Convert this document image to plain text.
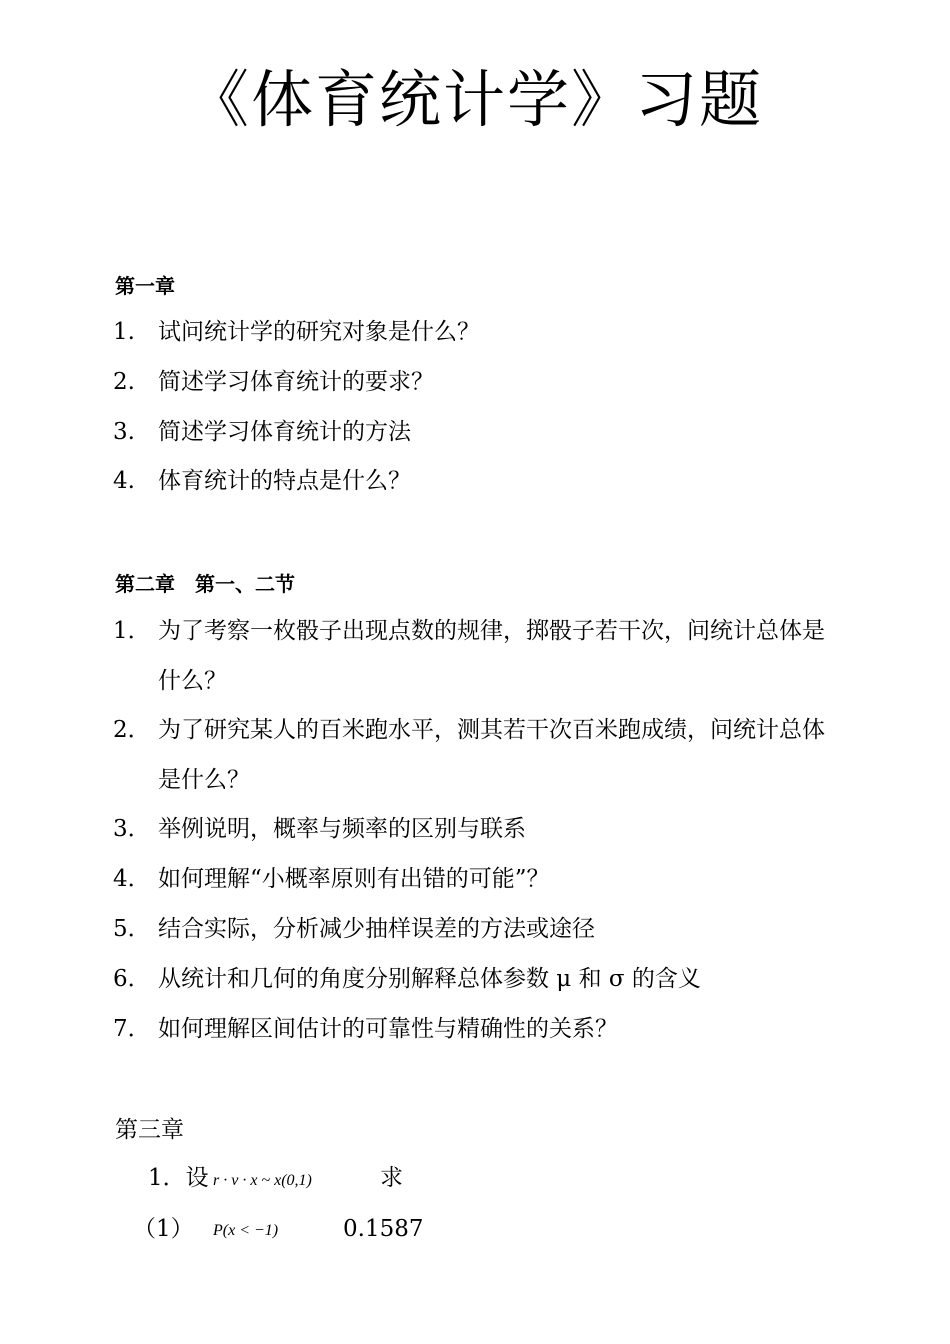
《体育统计学》习题
第一章
1. 试问统计学的研究对象是什么？
2. 简述学习体育统计的要求？
3. 简述学习体育统计的方法
4. 体育统计的特点是什么？
第二章　第一、二节
1． 为了考察一枚骰子出现点数的规律，掷骰子若干次，问统计总体是什么？
2． 为了研究某人的百米跑水平，测其若干次百米跑成绩，问统计总体是什么？
3． 举例说明，概率与频率的区别与联系
4． 如何理解“小概率原则有出错的可能”？
5． 结合实际，分析减少抽样误差的方法或途径
6． 从统计和几何的角度分别解释总体参数 μ 和 σ 的含义
7． 如何理解区间估计的可靠性与精确性的关系？
第三章
1．设 r · v · x ~ x(0,1)	求
（1） P(x < −1)	0.1587
